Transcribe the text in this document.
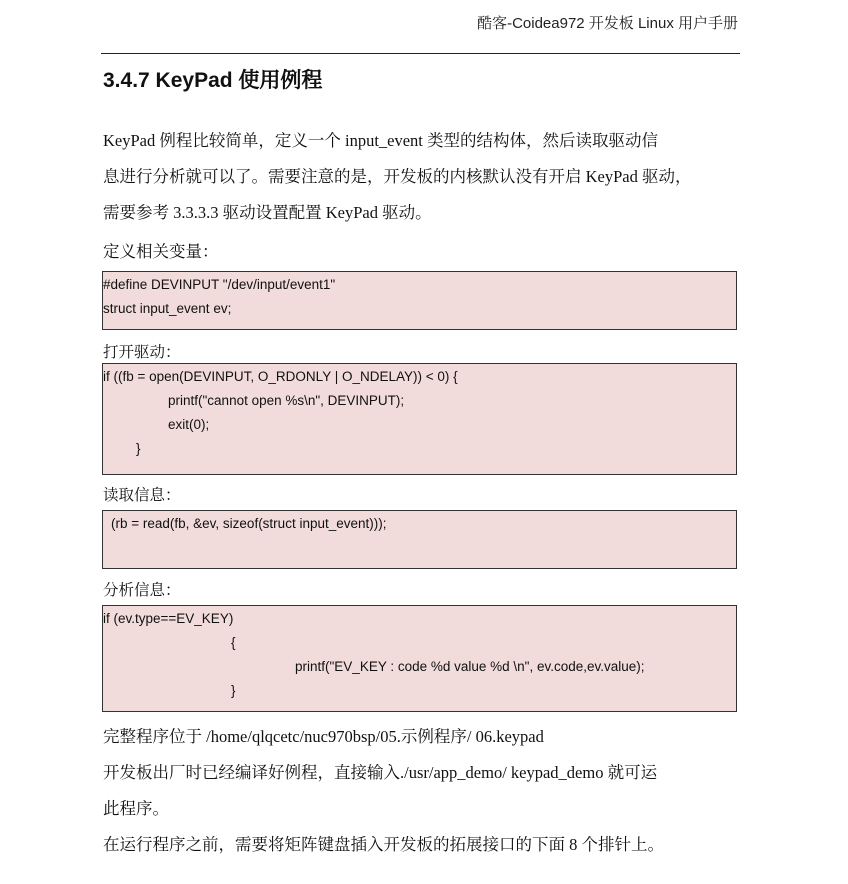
酷客-Coidea972 开发板 Linux 用户手册
3.4.7 KeyPad 使用例程
KeyPad 例程比较简单，定义一个 input_event 类型的结构体，然后读取驱动信
息进行分析就可以了。需要注意的是，开发板的内核默认没有开启 KeyPad 驱动，
需要参考 3.3.3.3 驱动设置配置 KeyPad 驱动。
定义相关变量：
#define DEVINPUT "/dev/input/event1"
struct input_event ev;
打开驱动：
if ((fb = open(DEVINPUT, O_RDONLY | O_NDELAY)) < 0) {
printf("cannot open %s\n", DEVINPUT);
exit(0);
}
读取信息：
(rb = read(fb, &ev, sizeof(struct input_event)));
分析信息：
if (ev.type==EV_KEY)
{
printf("EV_KEY : code %d value %d \n", ev.code,ev.value);
}
完整程序位于 /home/qlqcetc/nuc970bsp/05.示例程序/ 06.keypad
开发板出厂时已经编译好例程，直接输入./usr/app_demo/ keypad_demo 就可运
此程序。
在运行程序之前，需要将矩阵键盘插入开发板的拓展接口的下面 8 个排针上。
